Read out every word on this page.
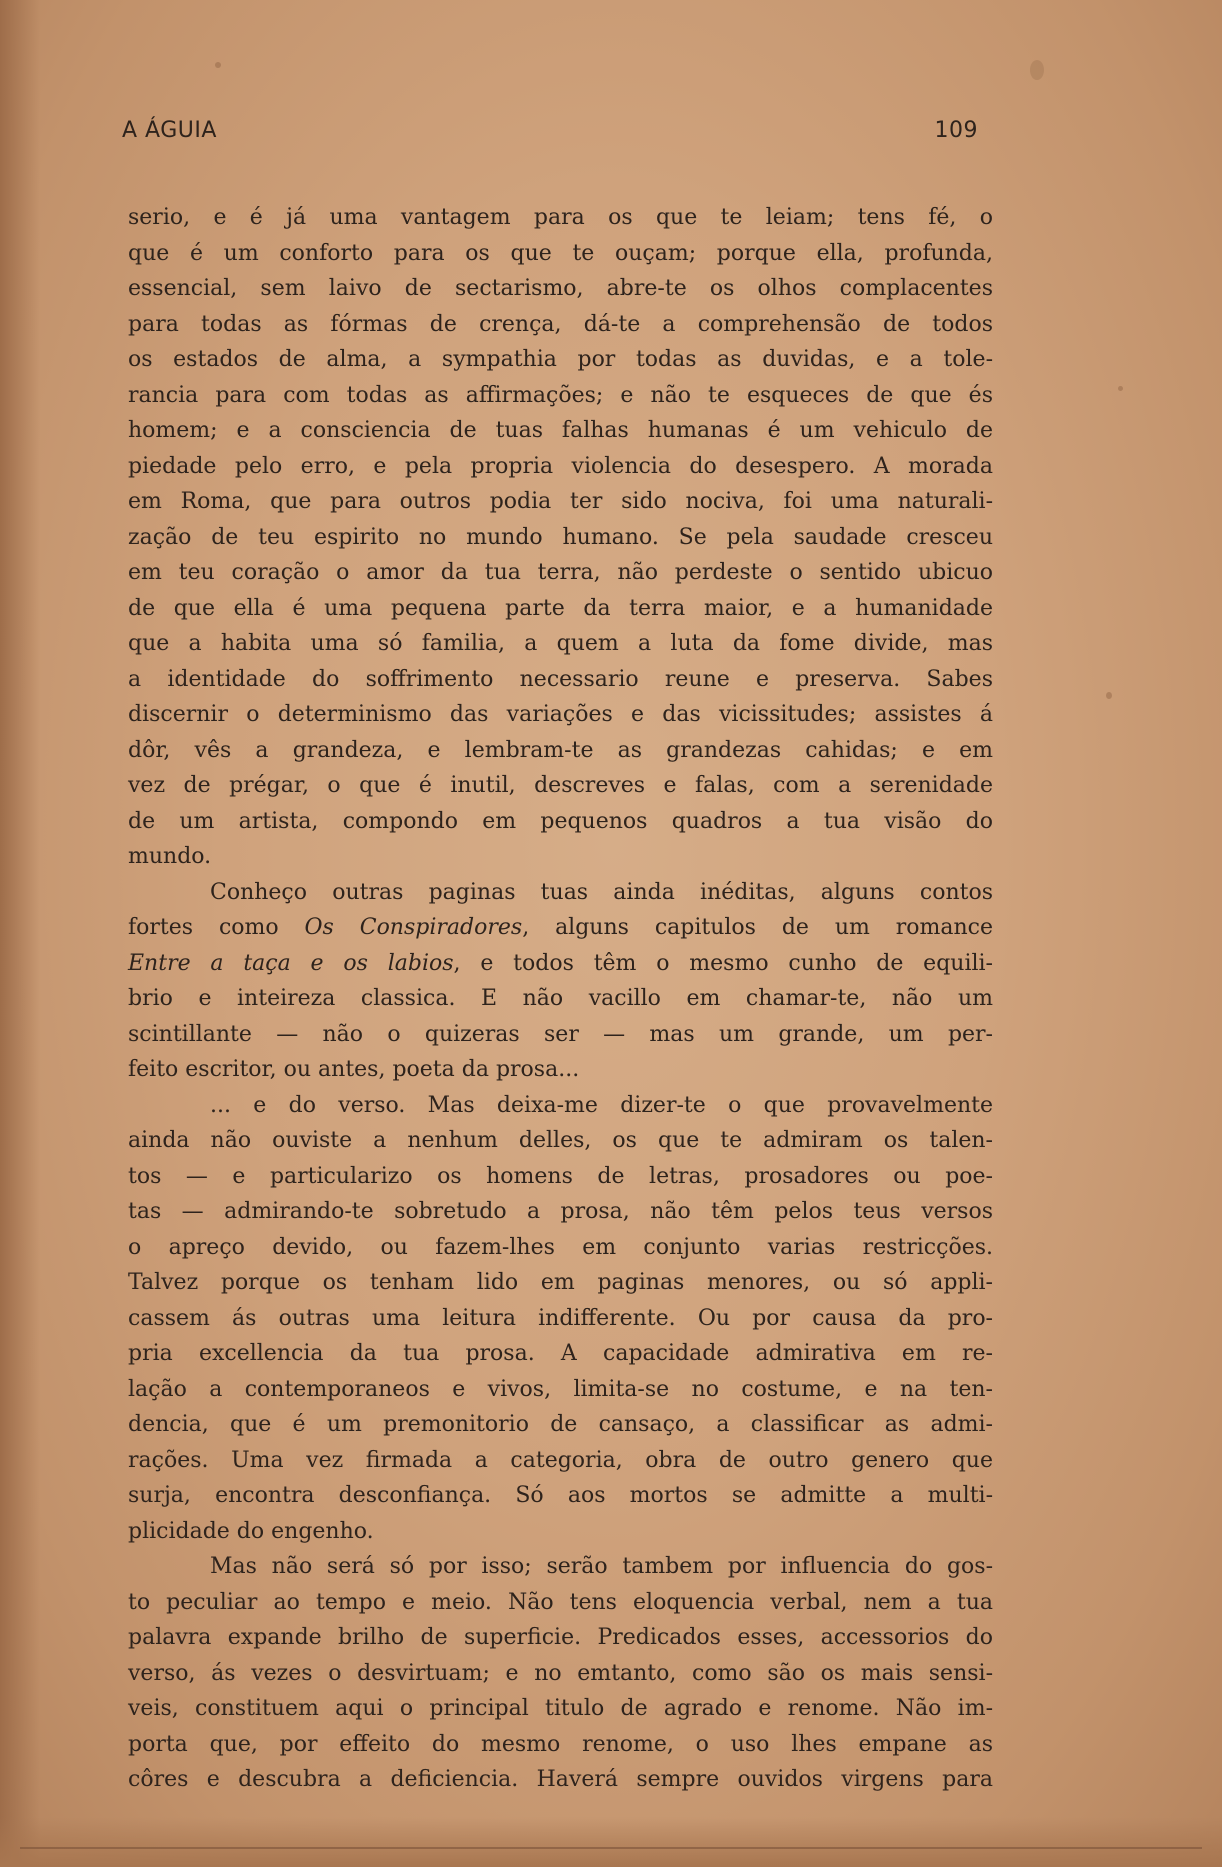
A ÁGUIA	109
serio, e é já uma vantagem para os que te leiam; tens fé, o
que é um conforto para os que te ouçam; porque ella, profunda,
essencial, sem laivo de sectarismo, abre-te os olhos complacentes
para todas as fórmas de crença, dá-te a comprehensão de todos
os estados de alma, a sympathia por todas as duvidas, e a tole-
rancia para com todas as affirmações; e não te esqueces de que és
homem; e a consciencia de tuas falhas humanas é um vehiculo de
piedade pelo erro, e pela propria violencia do desespero. A morada
em Roma, que para outros podia ter sido nociva, foi uma naturali-
zação de teu espirito no mundo humano. Se pela saudade cresceu
em teu coração o amor da tua terra, não perdeste o sentido ubicuo
de que ella é uma pequena parte da terra maior, e a humanidade
que a habita uma só familia, a quem a luta da fome divide, mas
a identidade do soffrimento necessario reune e preserva. Sabes
discernir o determinismo das variações e das vicissitudes; assistes á
dôr, vês a grandeza, e lembram-te as grandezas cahidas; e em
vez de prégar, o que é inutil, descreves e falas, com a serenidade
de um artista, compondo em pequenos quadros a tua visão do
mundo.
Conheço outras paginas tuas ainda inéditas, alguns contos
fortes como Os Conspiradores, alguns capitulos de um romance
Entre a taça e os labios, e todos têm o mesmo cunho de equili-
brio e inteireza classica. E não vacillo em chamar-te, não um
scintillante — não o quizeras ser — mas um grande, um per-
feito escritor, ou antes, poeta da prosa...
... e do verso. Mas deixa-me dizer-te o que provavelmente
ainda não ouviste a nenhum delles, os que te admiram os talen-
tos — e particularizo os homens de letras, prosadores ou poe-
tas — admirando-te sobretudo a prosa, não têm pelos teus versos
o apreço devido, ou fazem-lhes em conjunto varias restricções.
Talvez porque os tenham lido em paginas menores, ou só appli-
cassem ás outras uma leitura indifferente. Ou por causa da pro-
pria excellencia da tua prosa. A capacidade admirativa em re-
lação a contemporaneos e vivos, limita-se no costume, e na ten-
dencia, que é um premonitorio de cansaço, a classificar as admi-
rações. Uma vez firmada a categoria, obra de outro genero que
surja, encontra desconfiança. Só aos mortos se admitte a multi-
plicidade do engenho.
Mas não será só por isso; serão tambem por influencia do gos-
to peculiar ao tempo e meio. Não tens eloquencia verbal, nem a tua
palavra expande brilho de superficie. Predicados esses, accessorios do
verso, ás vezes o desvirtuam; e no emtanto, como são os mais sensi-
veis, constituem aqui o principal titulo de agrado e renome. Não im-
porta que, por effeito do mesmo renome, o uso lhes empane as
côres e descubra a deficiencia. Haverá sempre ouvidos virgens para
